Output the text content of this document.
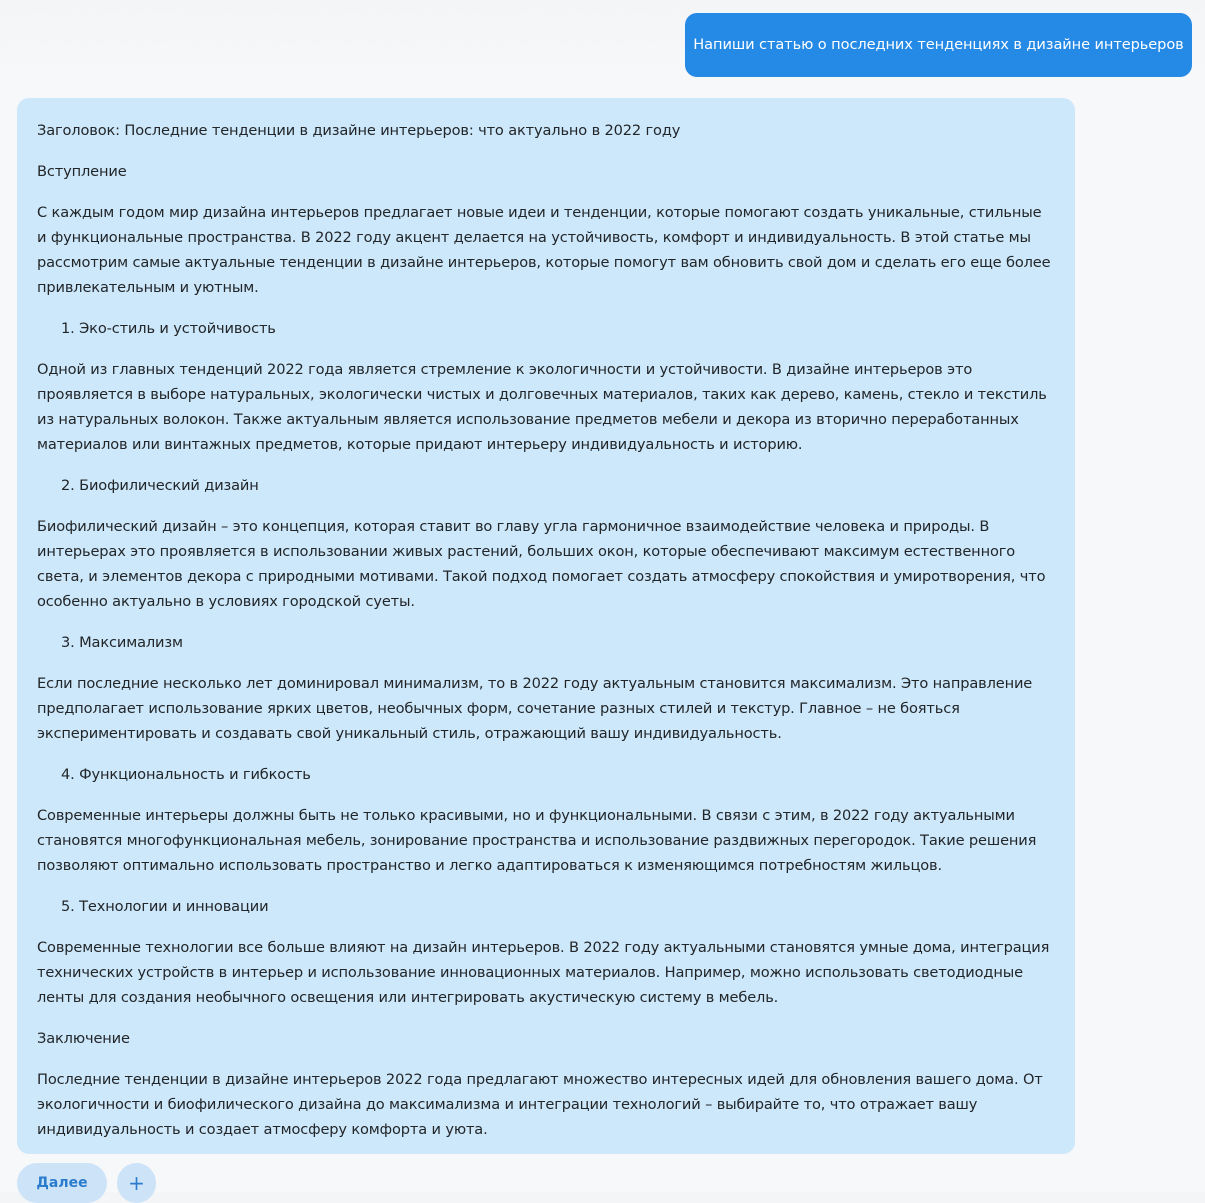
Напиши статью о последних тенденциях в дизайне интерьеров

Заголовок: Последние тенденции в дизайне интерьеров: что актуально в 2022 году

Вступление

С каждым годом мир дизайна интерьеров предлагает новые идеи и тенденции, которые помогают создать уникальные, стильные и функциональные пространства. В 2022 году акцент делается на устойчивость, комфорт и индивидуальность. В этой статье мы рассмотрим самые актуальные тенденции в дизайне интерьеров, которые помогут вам обновить свой дом и сделать его еще более привлекательным и уютным.

1. Эко-стиль и устойчивость

Одной из главных тенденций 2022 года является стремление к экологичности и устойчивости. В дизайне интерьеров это проявляется в выборе натуральных, экологически чистых и долговечных материалов, таких как дерево, камень, стекло и текстиль из натуральных волокон. Также актуальным является использование предметов мебели и декора из вторично переработанных материалов или винтажных предметов, которые придают интерьеру индивидуальность и историю.

2. Биофилический дизайн

Биофилический дизайн – это концепция, которая ставит во главу угла гармоничное взаимодействие человека и природы. В интерьерах это проявляется в использовании живых растений, больших окон, которые обеспечивают максимум естественного света, и элементов декора с природными мотивами. Такой подход помогает создать атмосферу спокойствия и умиротворения, что особенно актуально в условиях городской суеты.

3. Максимализм

Если последние несколько лет доминировал минимализм, то в 2022 году актуальным становится максимализм. Это направление предполагает использование ярких цветов, необычных форм, сочетание разных стилей и текстур. Главное – не бояться экспериментировать и создавать свой уникальный стиль, отражающий вашу индивидуальность.

4. Функциональность и гибкость

Современные интерьеры должны быть не только красивыми, но и функциональными. В связи с этим, в 2022 году актуальными становятся многофункциональная мебель, зонирование пространства и использование раздвижных перегородок. Такие решения позволяют оптимально использовать пространство и легко адаптироваться к изменяющимся потребностям жильцов.

5. Технологии и инновации

Современные технологии все больше влияют на дизайн интерьеров. В 2022 году актуальными становятся умные дома, интеграция технических устройств в интерьер и использование инновационных материалов. Например, можно использовать светодиодные ленты для создания необычного освещения или интегрировать акустическую систему в мебель.

Заключение

Последние тенденции в дизайне интерьеров 2022 года предлагают множество интересных идей для обновления вашего дома. От экологичности и биофилического дизайна до максимализма и интеграции технологий – выбирайте то, что отражает вашу индивидуальность и создает атмосферу комфорта и уюта.

Далее	+
